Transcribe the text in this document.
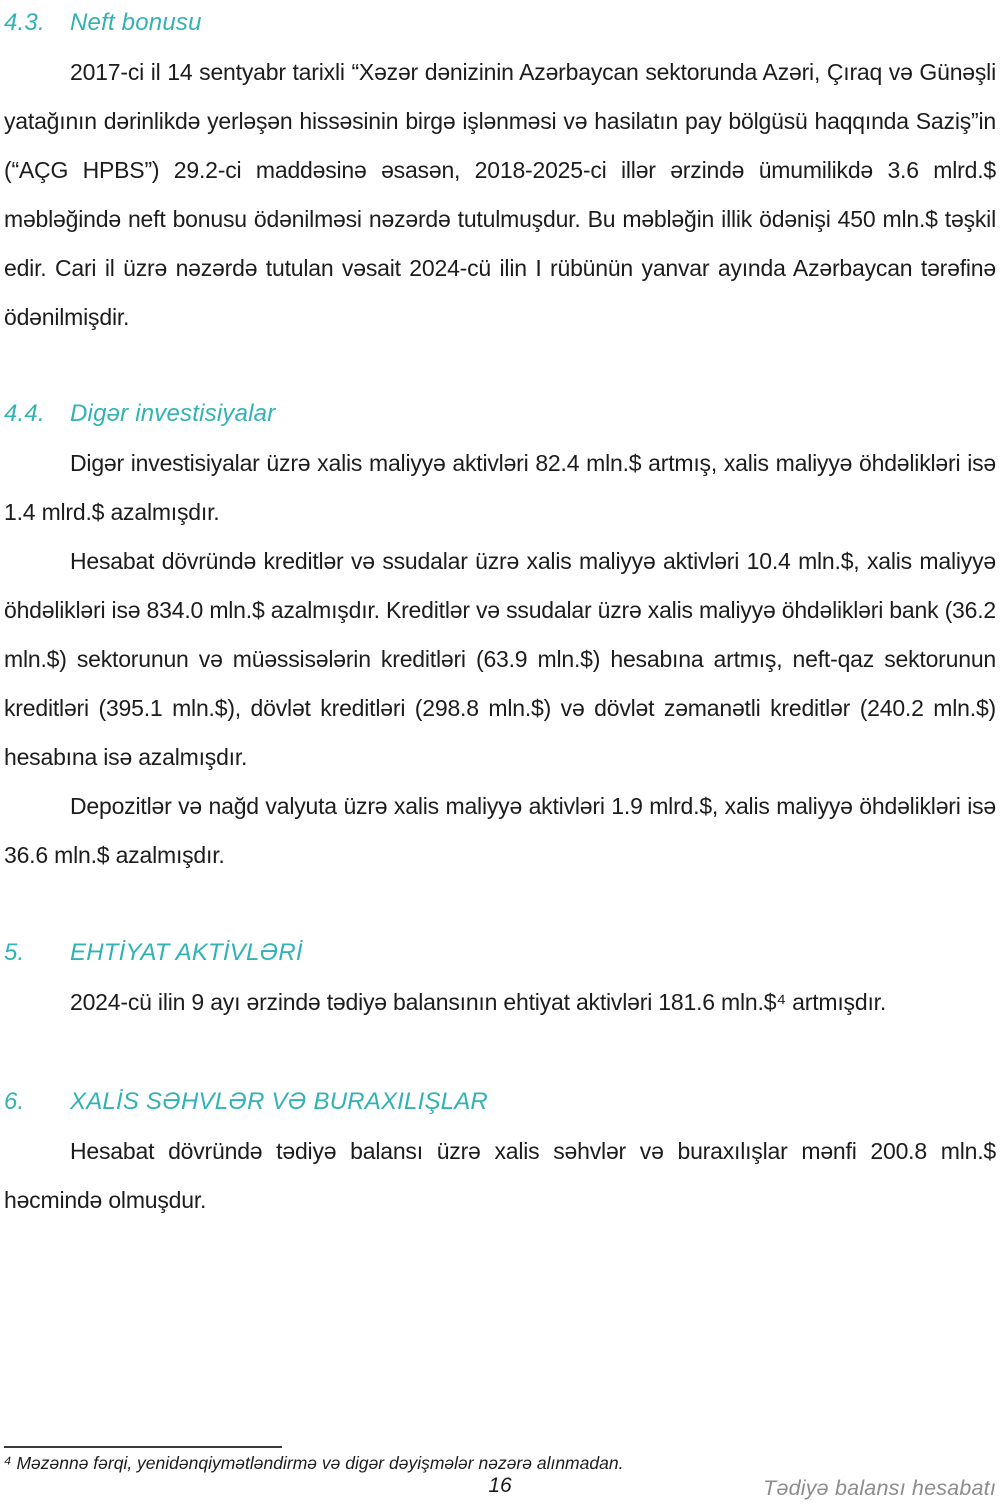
4.3.	Neft bonusu

2017-ci il 14 sentyabr tarixli “Xəzər dənizinin Azərbaycan sektorunda Azəri, Çıraq və Günəşli yatağının dərinlikdə yerləşən hissəsinin birgə işlənməsi və hasilatın pay bölgüsü haqqında Saziş”in (“AÇG HPBS”) 29.2-ci maddəsinə əsasən, 2018-2025-ci illər ərzində ümumilikdə 3.6 mlrd.$ məbləğində neft bonusu ödənilməsi nəzərdə tutulmuşdur. Bu məbləğin illik ödənişi 450 mln.$ təşkil edir. Cari il üzrə nəzərdə tutulan vəsait 2024-cü ilin I rübünün yanvar ayında Azərbaycan tərəfinə ödənilmişdir.

4.4.	Digər investisiyalar

Digər investisiyalar üzrə xalis maliyyə aktivləri 82.4 mln.$ artmış, xalis maliyyə öhdəlikləri isə 1.4 mlrd.$ azalmışdır.

Hesabat dövründə kreditlər və ssudalar üzrə xalis maliyyə aktivləri 10.4 mln.$, xalis maliyyə öhdəlikləri isə 834.0 mln.$ azalmışdır. Kreditlər və ssudalar üzrə xalis maliyyə öhdəlikləri bank (36.2 mln.$) sektorunun və müəssisələrin kreditləri (63.9 mln.$) hesabına artmış, neft-qaz sektorunun kreditləri (395.1 mln.$), dövlət kreditləri (298.8 mln.$) və dövlət zəmanətli kreditlər (240.2 mln.$) hesabına isə azalmışdır.

Depozitlər və nağd valyuta üzrə xalis maliyyə aktivləri 1.9 mlrd.$, xalis maliyyə öhdəlikləri isə 36.6 mln.$ azalmışdır.

5.	EHTİYAT AKTİVLƏRİ

2024-cü ilin 9 ayı ərzində tədiyə balansının ehtiyat aktivləri 181.6 mln.$⁴ artmışdır.

6.	XALİS SƏHVLƏR VƏ BURAXILIŞLAR

Hesabat dövründə tədiyə balansı üzrə xalis səhvlər və buraxılışlar mənfi 200.8 mln.$ həcmində olmuşdur.

⁴ Məzənnə fərqi, yenidənqiymətləndirmə və digər dəyişmələr nəzərə alınmadan.

16	Tədiyə balansı hesabatı
